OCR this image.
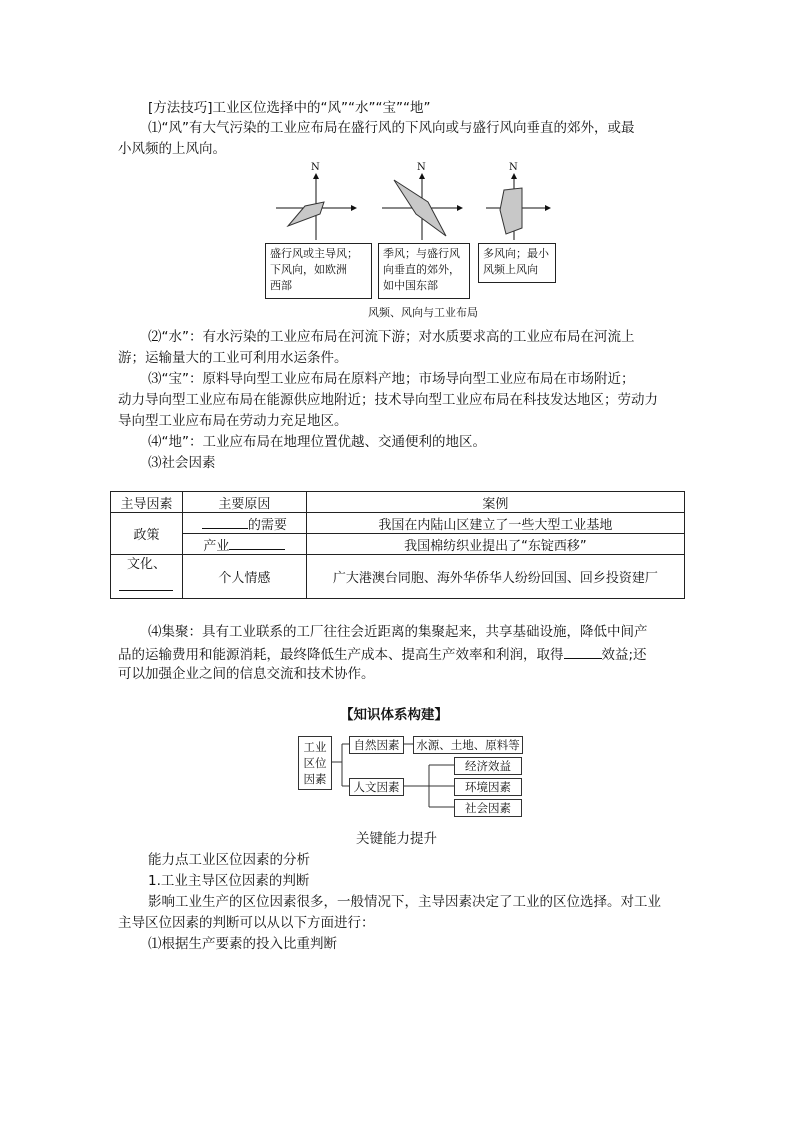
[方法技巧]工业区位选择中的“风”“水”“宝”“地”
⑴“风”有大气污染的工业应布局在盛行风的下风向或与盛行风向垂直的郊外，或最
小风频的上风向。
N	N	N
盛行风或主导风；
下风向，如欧洲
西部
季风；与盛行风
向垂直的郊外，
如中国东部
多风向；最小
风频上风向
风频、风向与工业布局
⑵“水”：有水污染的工业应布局在河流下游；对水质要求高的工业应布局在河流上
游；运输量大的工业可利用水运条件。
⑶“宝”：原料导向型工业应布局在原料产地；市场导向型工业应布局在市场附近；
动力导向型工业应布局在能源供应地附近；技术导向型工业应布局在科技发达地区；劳动力
导向型工业应布局在劳动力充足地区。
⑷“地”：工业应布局在地理位置优越、交通便利的地区。
⑶社会因素
主导因素	主要原因	案例
政策	的需要	我国在内陆山区建立了一些大型工业基地
	产业	我国棉纺织业提出了“东锭西移”

文化、	个人情感	广大港澳台同胞、海外华侨华人纷纷回国、回乡投资建厂
⑷集聚：具有工业联系的工厂往往会近距离的集聚起来，共享基础设施，降低中间产
品的运输费用和能源消耗，最终降低生产成本、提高生产效率和利润，取得	效益;还
可以加强企业之间的信息交流和技术协作。
【知识体系构建】
工业
区位
因素
自然因素	水源、土地、原料等
人文因素
经济效益
环境因素
社会因素
关键能力提升
能力点工业区位因素的分析
1.工业主导区位因素的判断
影响工业生产的区位因素很多，一般情况下，主导因素决定了工业的区位选择。对工业
主导区位因素的判断可以从以下方面进行：
⑴根据生产要素的投入比重判断
